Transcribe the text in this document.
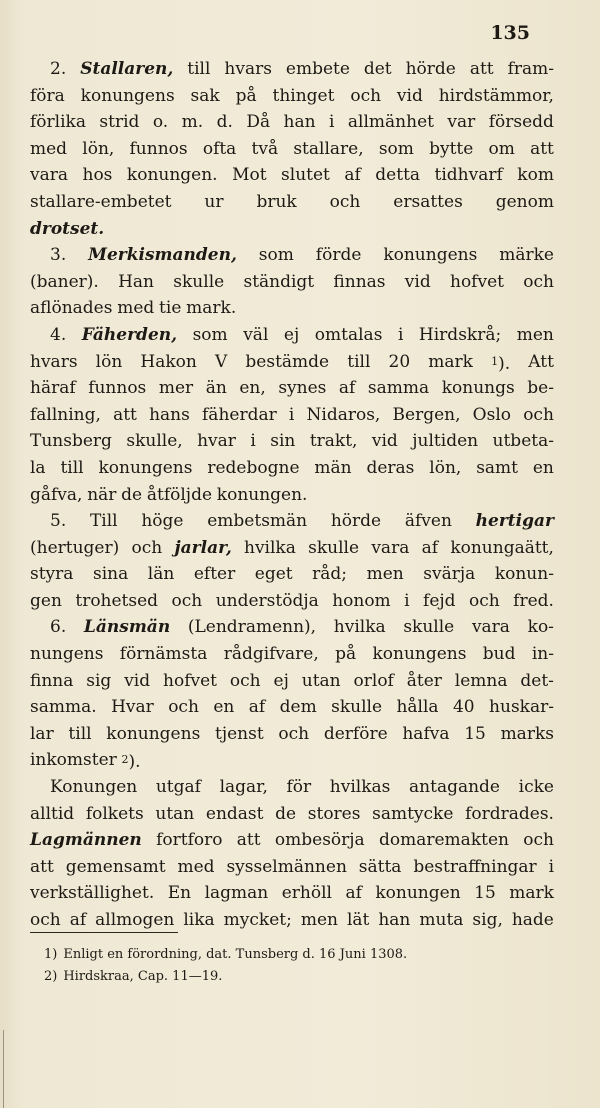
135
2. Stallaren, till hvars embete det hörde att fram-
föra konungens sak på thinget och vid hirdstämmor,
förlika strid o. m. d. Då han i allmänhet var försedd
med lön, funnos ofta två stallare, som bytte om att
vara hos konungen. Mot slutet af detta tidhvarf kom
stallare-embetet ur bruk och ersattes genom
drotset.
3. Merkismanden, som förde konungens märke
(baner). Han skulle ständigt finnas vid hofvet och
aflönades med tie mark.
4. Fäherden, som väl ej omtalas i Hirdskrå; men
hvars lön Hakon V bestämde till 20 mark $^1$). Att
häraf funnos mer än en, synes af samma konungs be-
fallning, att hans fäherdar i Nidaros, Bergen, Oslo och
Tunsberg skulle, hvar i sin trakt, vid jultiden utbeta-
la till konungens redebogne män deras lön, samt en
gåfva, när de åtföljde konungen.
5. Till höge embetsmän hörde äfven hertigar
(hertuger) och jarlar, hvilka skulle vara af konungaätt,
styra sina län efter eget råd; men svärja konun-
gen trohetsed och understödja honom i fejd och fred.
6. Länsmän (Lendramenn), hvilka skulle vara ko-
nungens förnämsta rådgifvare, på konungens bud in-
finna sig vid hofvet och ej utan orlof åter lemna det-
samma. Hvar och en af dem skulle hålla 40 huskar-
lar till konungens tjenst och derföre hafva 15 marks
inkomster $^2$).
Konungen utgaf lagar, för hvilkas antagande icke
alltid folkets utan endast de stores samtycke fordrades.
Lagmännen fortforo att ombesörja domaremakten och
att gemensamt med sysselmännen sätta bestraffningar i
verkställighet. En lagman erhöll af konungen 15 mark
och af allmogen lika mycket; men lät han muta sig, hade
1) Enligt en förordning, dat. Tunsberg d. 16 Juni 1308.
2) Hirdskraa, Cap. 11—19.
